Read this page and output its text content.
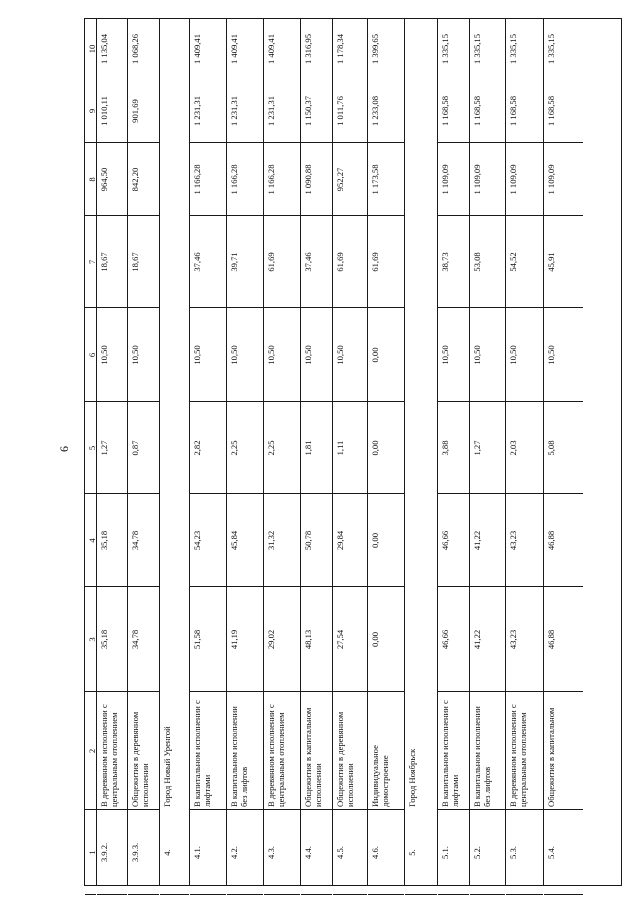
6
1
2
3
4
5
6
7
8
9
10
3.9.2.
В деревянном исполнении с центральным отоплением
35,18
35,18
1,27
10,50
18,67
964,50
1 010,11
1 135,04
3.9.3.
Общежития в деревянном исполнении
34,78
34,78
0,87
10,50
18,67
842,20
901,69
1 068,26
4.
Город Новый Уренгой
4.1.
В капитальном исполнении с лифтами
51,58
54,23
2,82
10,50
37,46
1 166,28
1 231,31
1 409,41
4.2.
В капитальном исполнении без лифтов
41,19
45,84
2,25
10,50
39,71
1 166,28
1 231,31
1 409,41
4.3.
В деревянном исполнении с центральным отоплением
29,02
31,32
2,25
10,50
61,69
1 166,28
1 231,31
1 409,41
4.4.
Общежития в капитальном исполнении
48,13
50,78
1,81
10,50
37,46
1 090,88
1 150,37
1 316,95
4.5.
Общежития в деревянном исполнении
27,54
29,84
1,11
10,50
61,69
952,27
1 011,76
1 178,34
4.6.
Индивидуальное домостроение
0,00
0,00
0,00
0,00
61,69
1 173,58
1 233,08
1 399,65
5.
Город Ноябрьск
5.1.
В капитальном исполнении с лифтами
46,66
46,66
3,88
10,50
38,73
1 109,09
1 168,58
1 335,15
5.2.
В капитальном исполнении без лифтов
41,22
41,22
1,27
10,50
53,08
1 109,09
1 168,58
1 335,15
5.3.
В деревянном исполнении с центральным отоплением
43,23
43,23
2,03
10,50
54,52
1 109,09
1 168,58
1 335,15
5.4.
Общежития в капитальном
46,88
46,88
5,08
10,50
45,91
1 109,09
1 168,58
1 335,15
